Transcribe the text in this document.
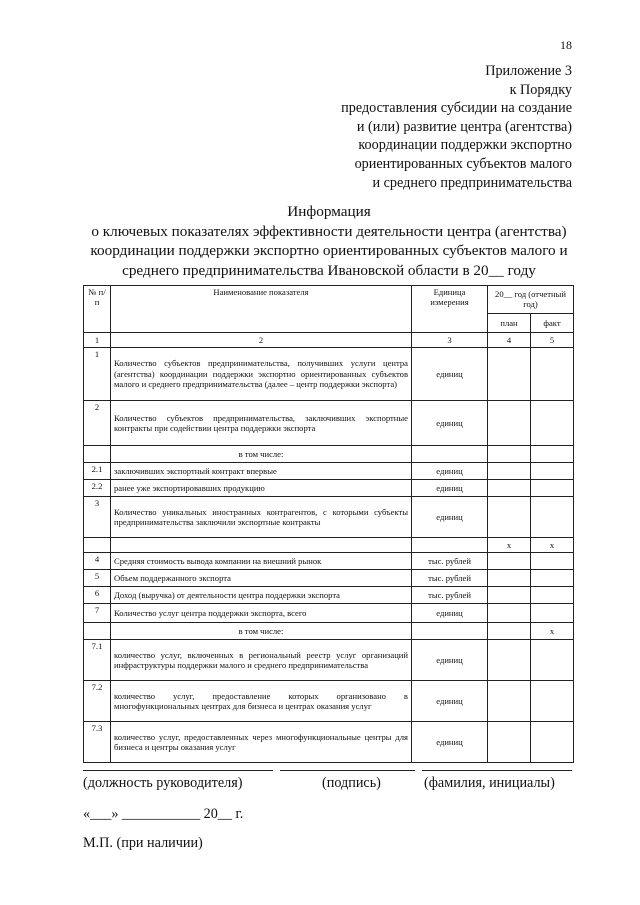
18
Приложение 3
к Порядку
предоставления субсидии на создание
и (или) развитие центра (агентства)
координации поддержки экспортно
ориентированных субъектов малого
и среднего предпринимательства
Информация
о ключевых показателях эффективности деятельности центра (агентства)
координации поддержки экспортно ориентированных субъектов малого и
среднего предпринимательства Ивановской области в 20__ году
№ п/п	Наименование показателя	Единица измерения	20__ год (отчетный год)	
			план	факт
1	2	3	4	5
1	Количество субъектов предпринимательства, получивших услуги центра (агентства) координации поддержки экспортно ориентированных субъектов малого и среднего предпринимательства (далее – центр поддержки экспорта)	единиц		
2	Количество субъектов предпринимательства, заключивших экспортные контракты при содействии центра поддержки экспорта	единиц		
	в том числе:			
2.1	заключивших экспортный контракт впервые	единиц		
2.2	ранее уже экспортировавших продукцию	единиц		
3	Количество уникальных иностранных контрагентов, с которыми субъекты предпринимательства заключили экспортные контракты	единиц		
			х	х
4	Средняя стоимость вывода компании на внешний рынок	тыс. рублей		
5	Объем поддержанного экспорта	тыс. рублей		
6	Доход (выручка) от деятельности центра поддержки экспорта	тыс. рублей		
7	Количество услуг центра поддержки экспорта, всего	единиц		
	в том числе:			х
7.1	количество услуг, включенных в региональный реестр услуг организаций инфраструктуры поддержки малого и среднего предпринимательства	единиц		
7.2	количество услуг, предоставление которых организовано в многофункциональных центрах для бизнеса и центрах оказания услуг	единиц		
7.3	количество услуг, предоставленных через многофункциональные центры для бизнеса и центры оказания услуг	единиц		
(должность руководителя)	(подпись)	(фамилия, инициалы)
«___» ___________ 20__ г.
М.П. (при наличии)
